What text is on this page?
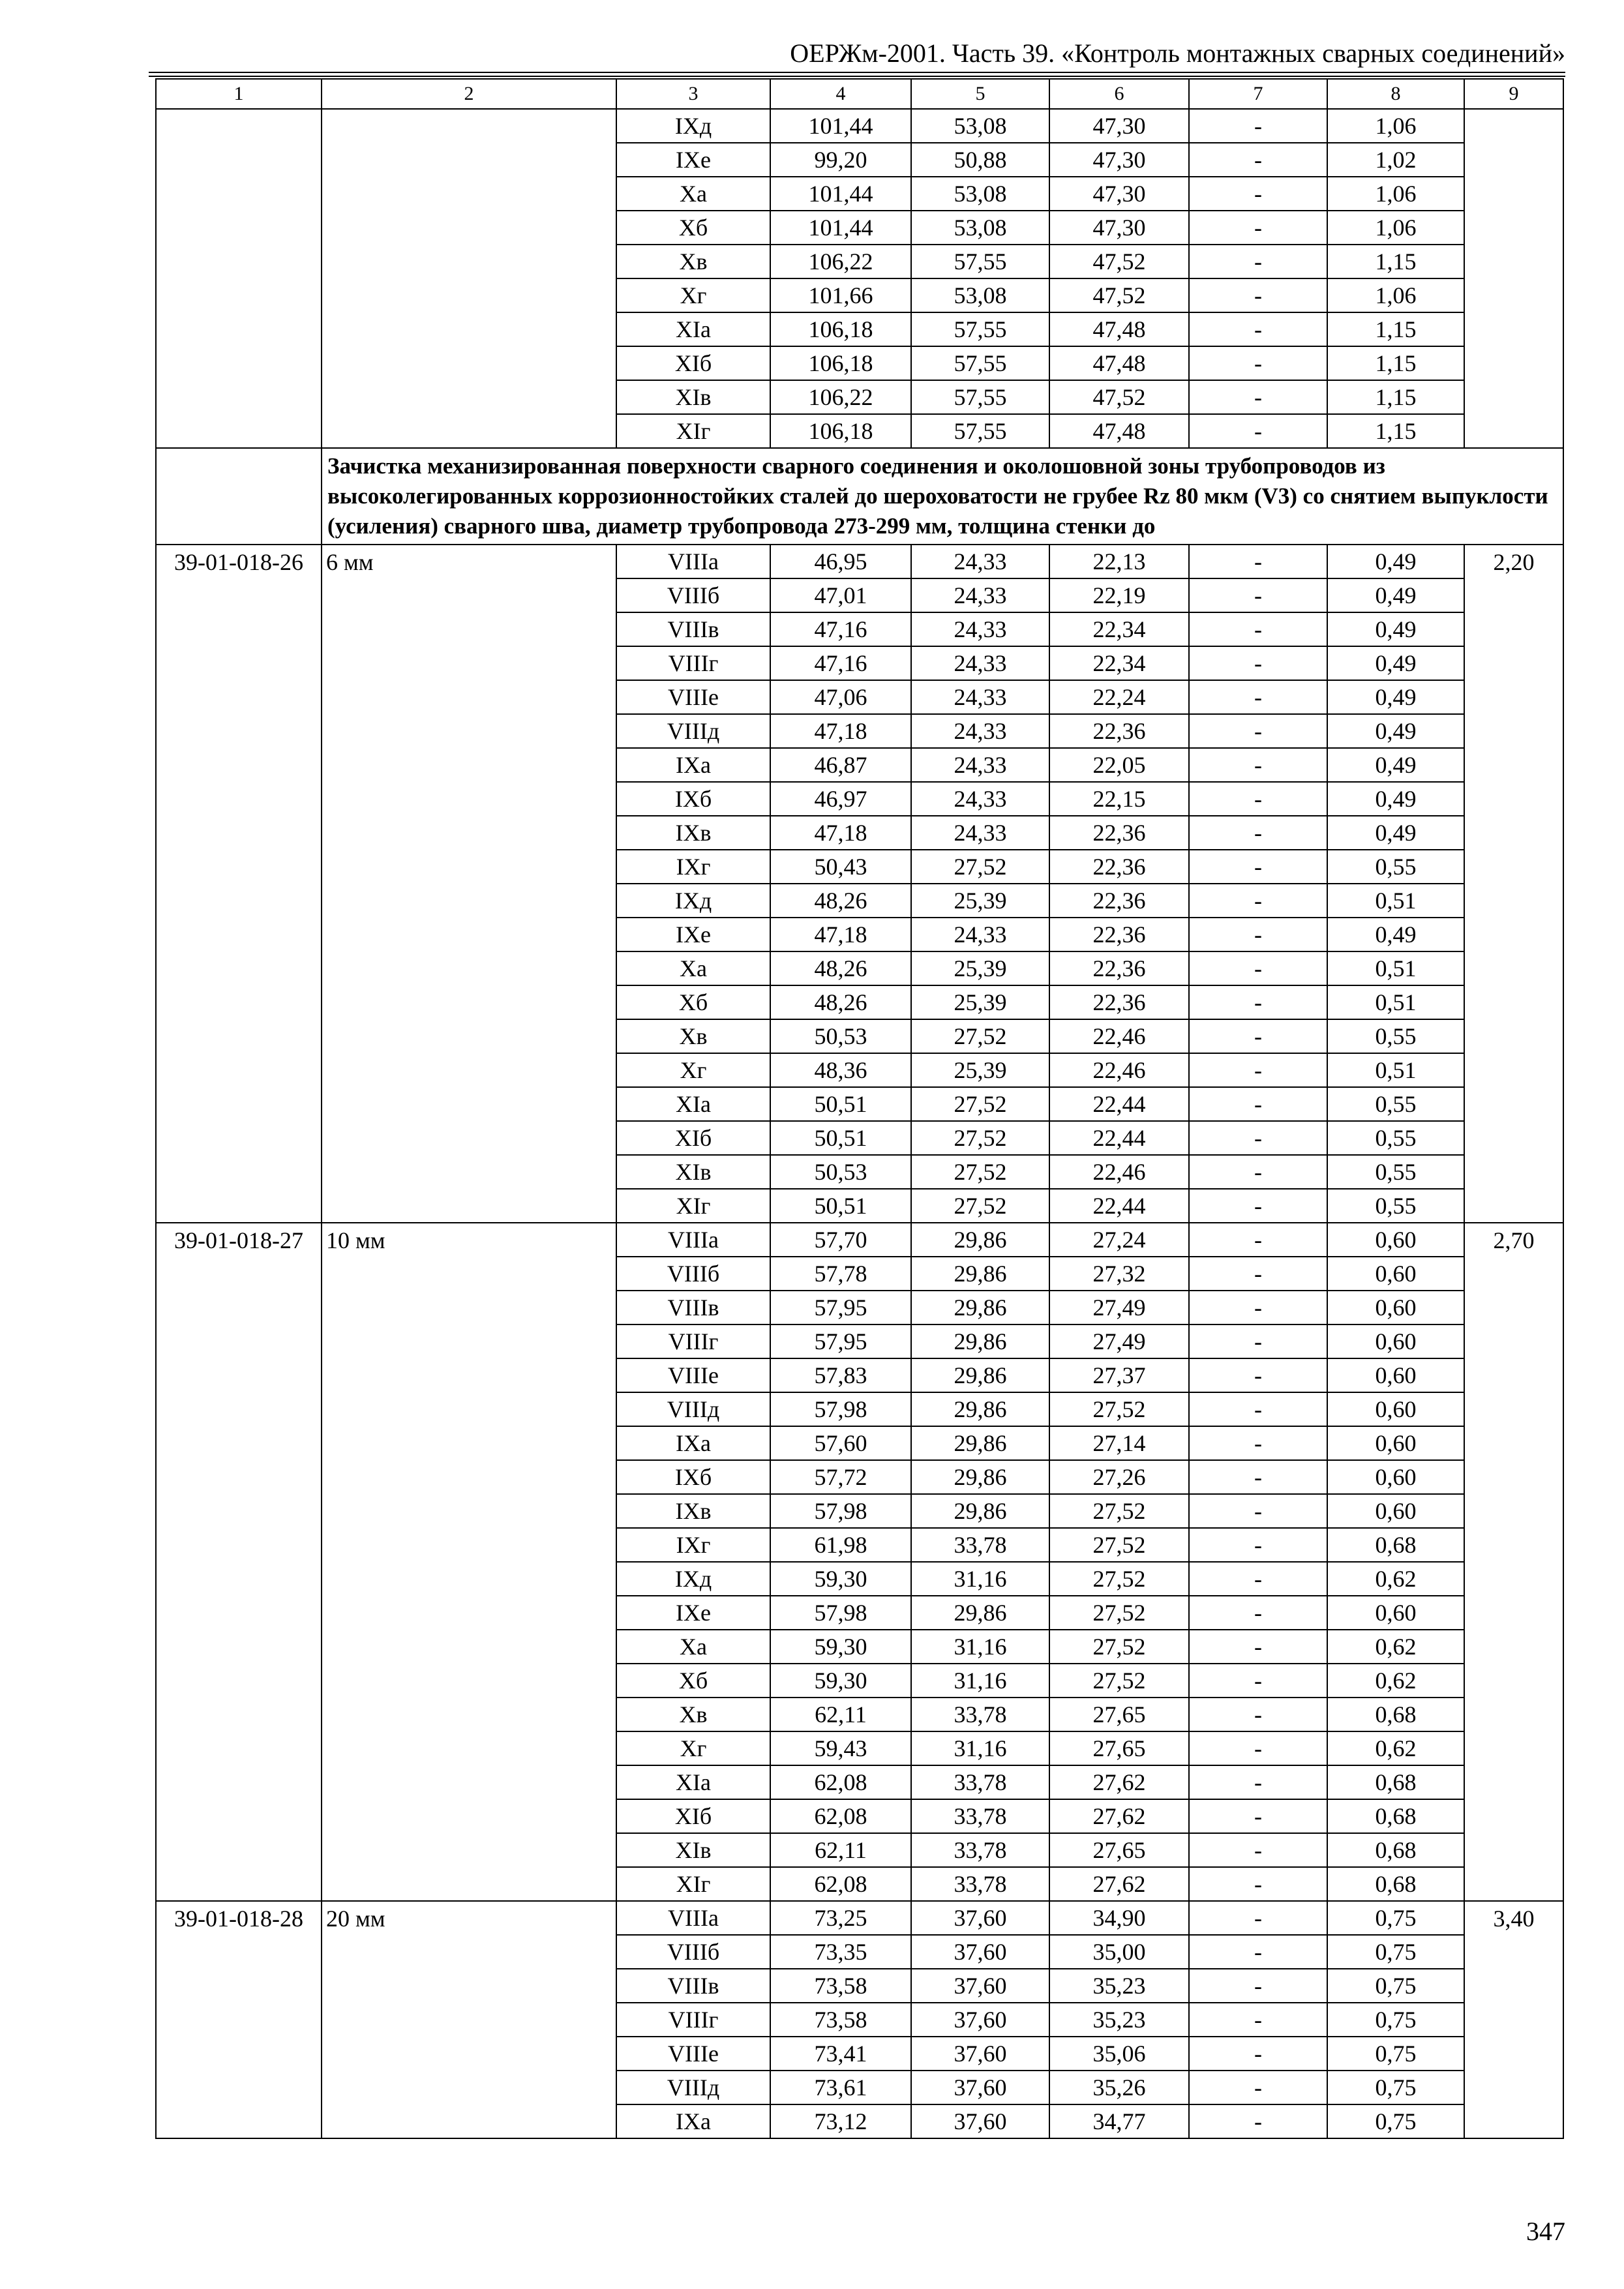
ОЕРЖм-2001. Часть 39. «Контроль монтажных сварных соединений»
1	2	3	4	5	6	7	8	9
		IXд	101,44	53,08	47,30	-	1,06	
		IXe	99,20	50,88	47,30	-	1,02	
		Xa	101,44	53,08	47,30	-	1,06	
		Xб	101,44	53,08	47,30	-	1,06	
		Xв	106,22	57,55	47,52	-	1,15	
		Xг	101,66	53,08	47,52	-	1,06	
		XIa	106,18	57,55	47,48	-	1,15	
		XIб	106,18	57,55	47,48	-	1,15	
		XIв	106,22	57,55	47,52	-	1,15	
		XIг	106,18	57,55	47,48	-	1,15	
	Зачистка механизированная поверхности сварного соединения и околошовной зоны трубопроводов из высоколегированных коррозионностойких сталей до шероховатости не грубее Rz 80 мкм (V3) со снятием выпуклости (усиления) сварного шва, диаметр трубопровода 273-299 мм, толщина стенки до							
39-01-018-26	6 мм	VIIIa	46,95	24,33	22,13	-	0,49	2,20
		VIIIб	47,01	24,33	22,19	-	0,49	
		VIIIв	47,16	24,33	22,34	-	0,49	
		VIIIг	47,16	24,33	22,34	-	0,49	
		VIIIe	47,06	24,33	22,24	-	0,49	
		VIIIд	47,18	24,33	22,36	-	0,49	
		IXa	46,87	24,33	22,05	-	0,49	
		IXб	46,97	24,33	22,15	-	0,49	
		IXв	47,18	24,33	22,36	-	0,49	
		IXг	50,43	27,52	22,36	-	0,55	
		IXд	48,26	25,39	22,36	-	0,51	
		IXe	47,18	24,33	22,36	-	0,49	
		Xa	48,26	25,39	22,36	-	0,51	
		Xб	48,26	25,39	22,36	-	0,51	
		Xв	50,53	27,52	22,46	-	0,55	
		Xг	48,36	25,39	22,46	-	0,51	
		XIa	50,51	27,52	22,44	-	0,55	
		XIб	50,51	27,52	22,44	-	0,55	
		XIв	50,53	27,52	22,46	-	0,55	
		XIг	50,51	27,52	22,44	-	0,55	
39-01-018-27	10 мм	VIIIa	57,70	29,86	27,24	-	0,60	2,70
		VIIIб	57,78	29,86	27,32	-	0,60	
		VIIIв	57,95	29,86	27,49	-	0,60	
		VIIIг	57,95	29,86	27,49	-	0,60	
		VIIIe	57,83	29,86	27,37	-	0,60	
		VIIIд	57,98	29,86	27,52	-	0,60	
		IXa	57,60	29,86	27,14	-	0,60	
		IXб	57,72	29,86	27,26	-	0,60	
		IXв	57,98	29,86	27,52	-	0,60	
		IXг	61,98	33,78	27,52	-	0,68	
		IXд	59,30	31,16	27,52	-	0,62	
		IXe	57,98	29,86	27,52	-	0,60	
		Xa	59,30	31,16	27,52	-	0,62	
		Xб	59,30	31,16	27,52	-	0,62	
		Xв	62,11	33,78	27,65	-	0,68	
		Xг	59,43	31,16	27,65	-	0,62	
		XIa	62,08	33,78	27,62	-	0,68	
		XIб	62,08	33,78	27,62	-	0,68	
		XIв	62,11	33,78	27,65	-	0,68	
		XIг	62,08	33,78	27,62	-	0,68	
39-01-018-28	20 мм	VIIIa	73,25	37,60	34,90	-	0,75	3,40
		VIIIб	73,35	37,60	35,00	-	0,75	
		VIIIв	73,58	37,60	35,23	-	0,75	
		VIIIг	73,58	37,60	35,23	-	0,75	
		VIIIe	73,41	37,60	35,06	-	0,75	
		VIIIд	73,61	37,60	35,26	-	0,75	
		IXa	73,12	37,60	34,77	-	0,75	
347
